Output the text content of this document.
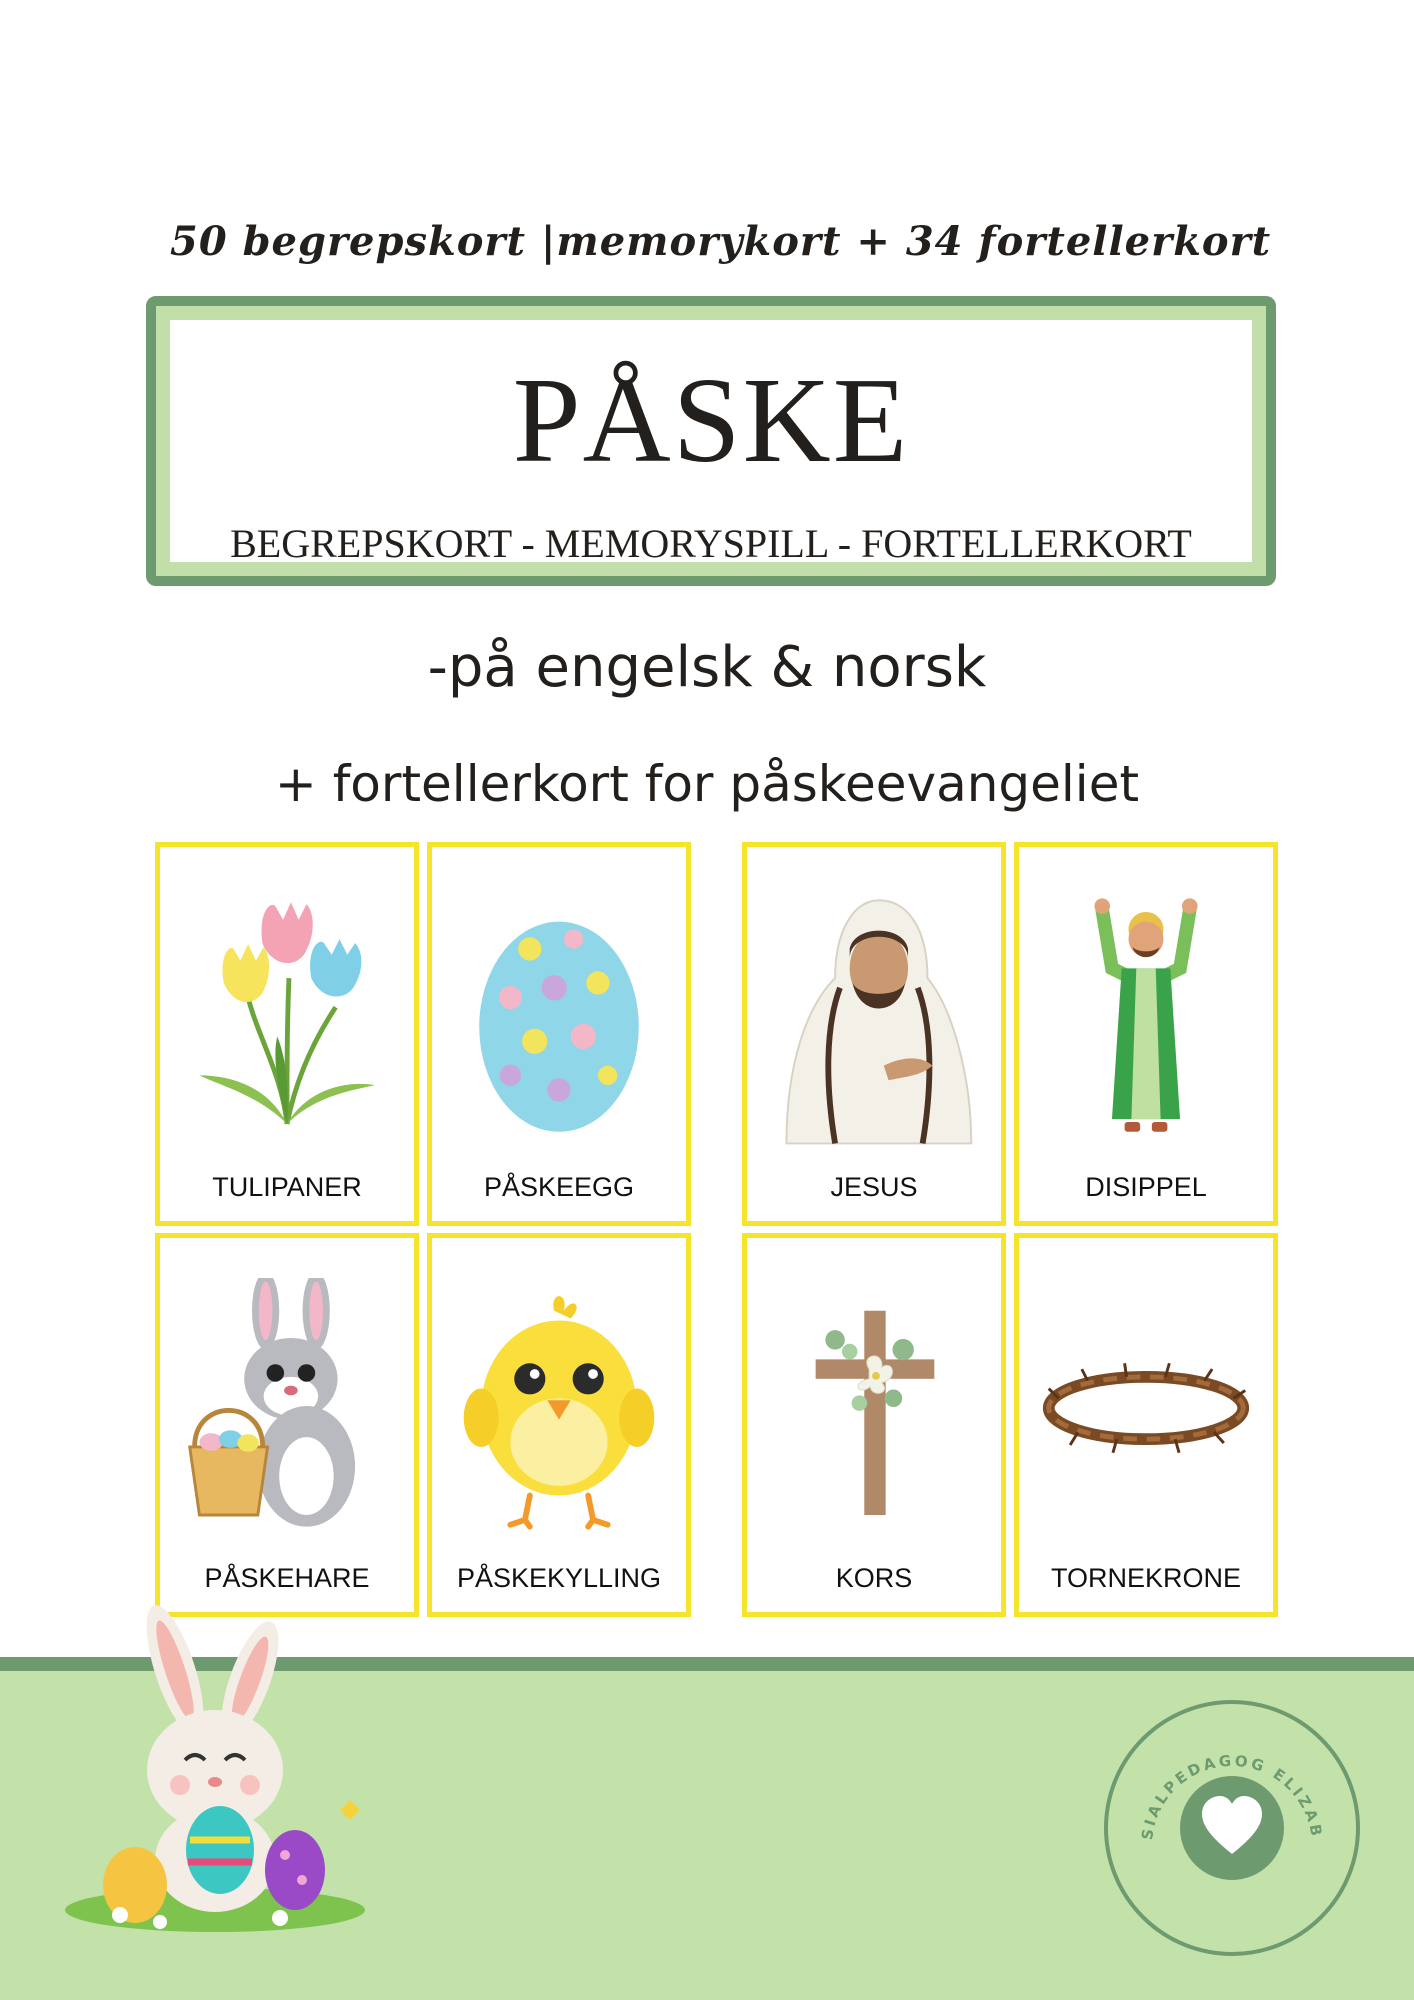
50 begrepskort |memorykort + 34 fortellerkort
PÅSKE
BEGREPSKORT - MEMORYSPILL - FORTELLERKORT
-på engelsk & norsk
+ fortellerkort for påskeevangeliet
TULIPANER	PÅSKEEGG	JESUS	DISIPPEL
PÅSKEHARE	PÅSKEKYLLING	KORS	TORNEKRONE
SIALPEDAGOG ELIZAB
